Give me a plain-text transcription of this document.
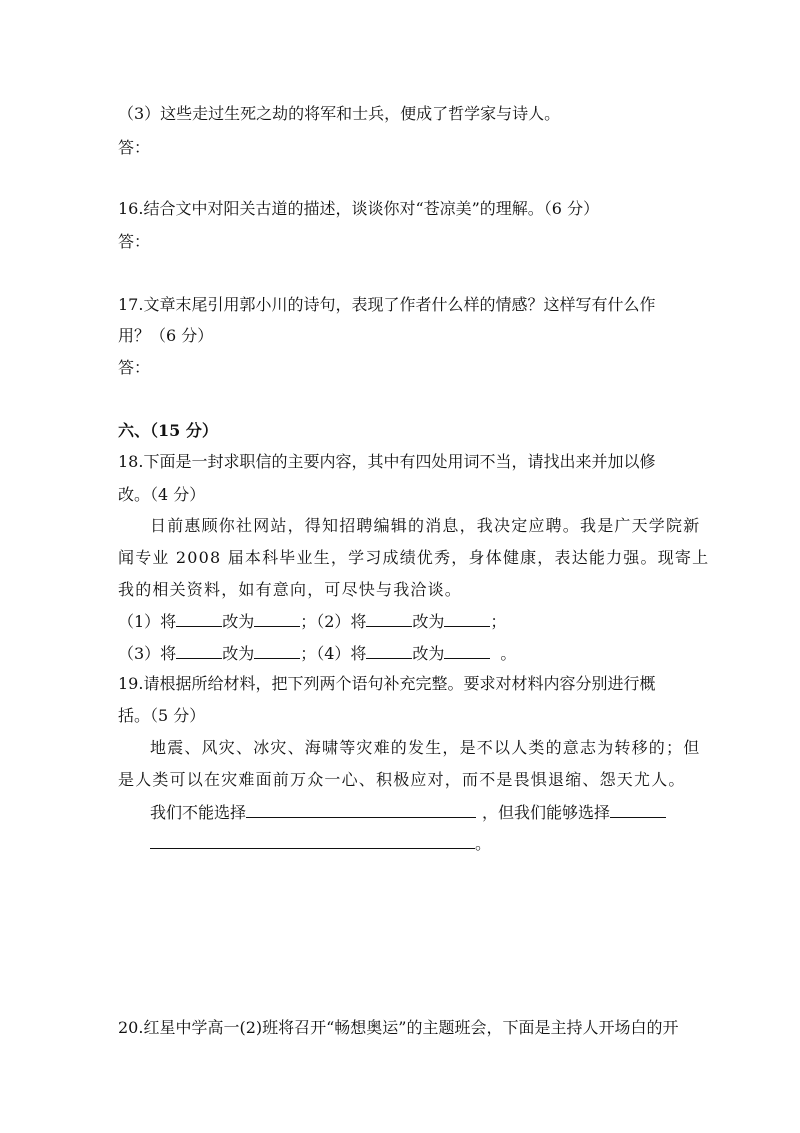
（3）这些走过生死之劫的将军和士兵，便成了哲学家与诗人。
答：
16.结合文中对阳关古道的描述，谈谈你对“苍凉美”的理解。（6 分）
答：
17.文章末尾引用郭小川的诗句，表现了作者什么样的情感？这样写有什么作
用？（6 分）
答：
六、（15 分）
18.下面是一封求职信的主要内容，其中有四处用词不当，请找出来并加以修
改。（4 分）
日前惠顾你社网站，得知招聘编辑的消息，我决定应聘。我是广天学院新
闻专业 2008 届本科毕业生，学习成绩优秀，身体健康，表达能力强。现寄上
我的相关资料，如有意向，可尽快与我洽谈。
（1）将	改为	；（2）将	改为	；
（3）将	改为	；（4）将	改为	。
19.请根据所给材料，把下列两个语句补充完整。要求对材料内容分别进行概
括。（5 分）
地震、风灾、冰灾、海啸等灾难的发生，是不以人类的意志为转移的；但
是人类可以在灾难面前万众一心、积极应对，而不是畏惧退缩、怨天尤人。
我们不能选择	，但我们能够选择
。
20.红星中学高一(2)班将召开“畅想奥运”的主题班会，下面是主持人开场白的开
